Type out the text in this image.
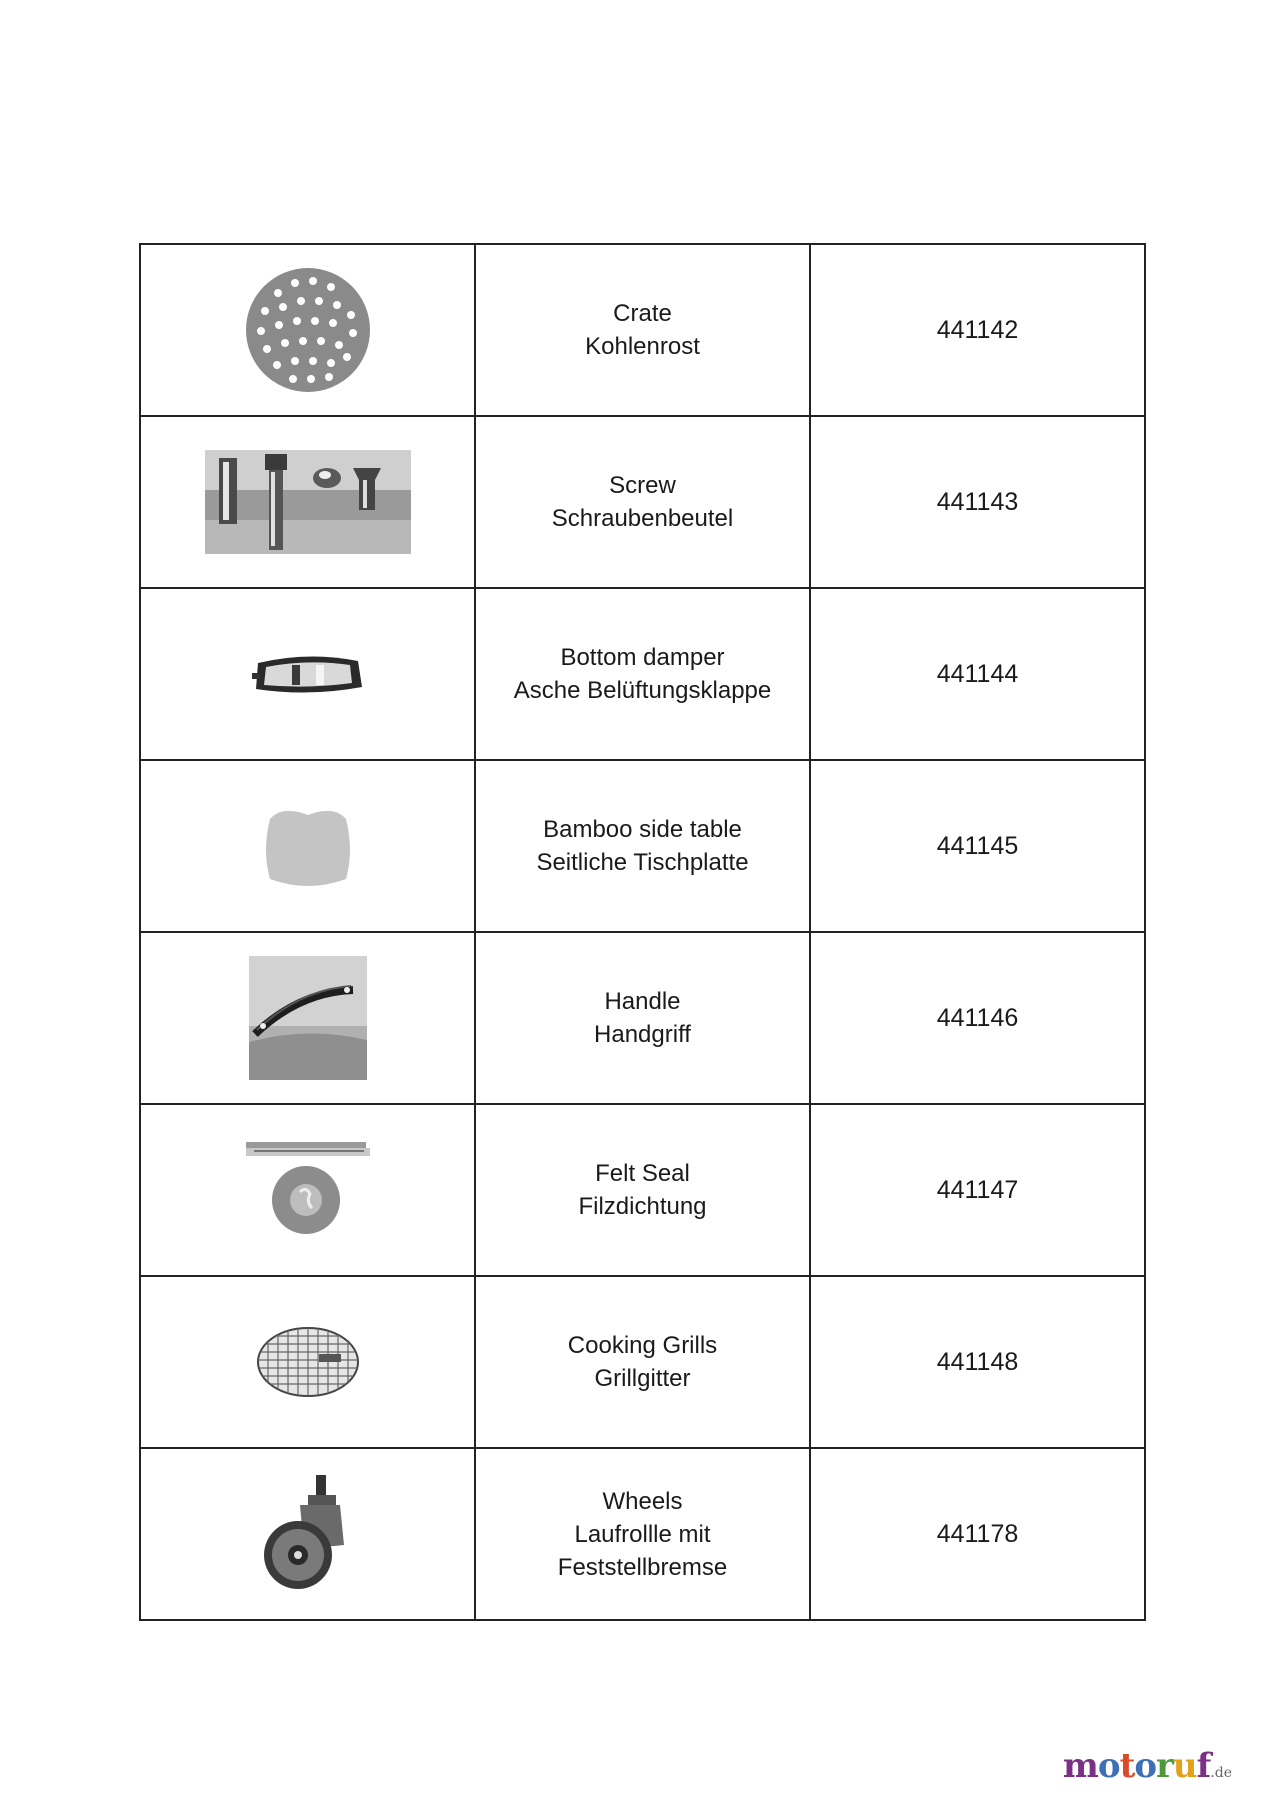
Crate
Kohlenrost	441142

Screw
Schraubenbeutel	441143

Bottom damper
Asche Belüftungsklappe	441144

Bamboo side table
Seitliche Tischplatte	441145

Handle
Handgriff	441146

Felt Seal
Filzdichtung	441147

Cooking Grills
Grillgitter	441148

Wheels
Laufrollle mit
Feststellbremse	441178
motoruf.de
